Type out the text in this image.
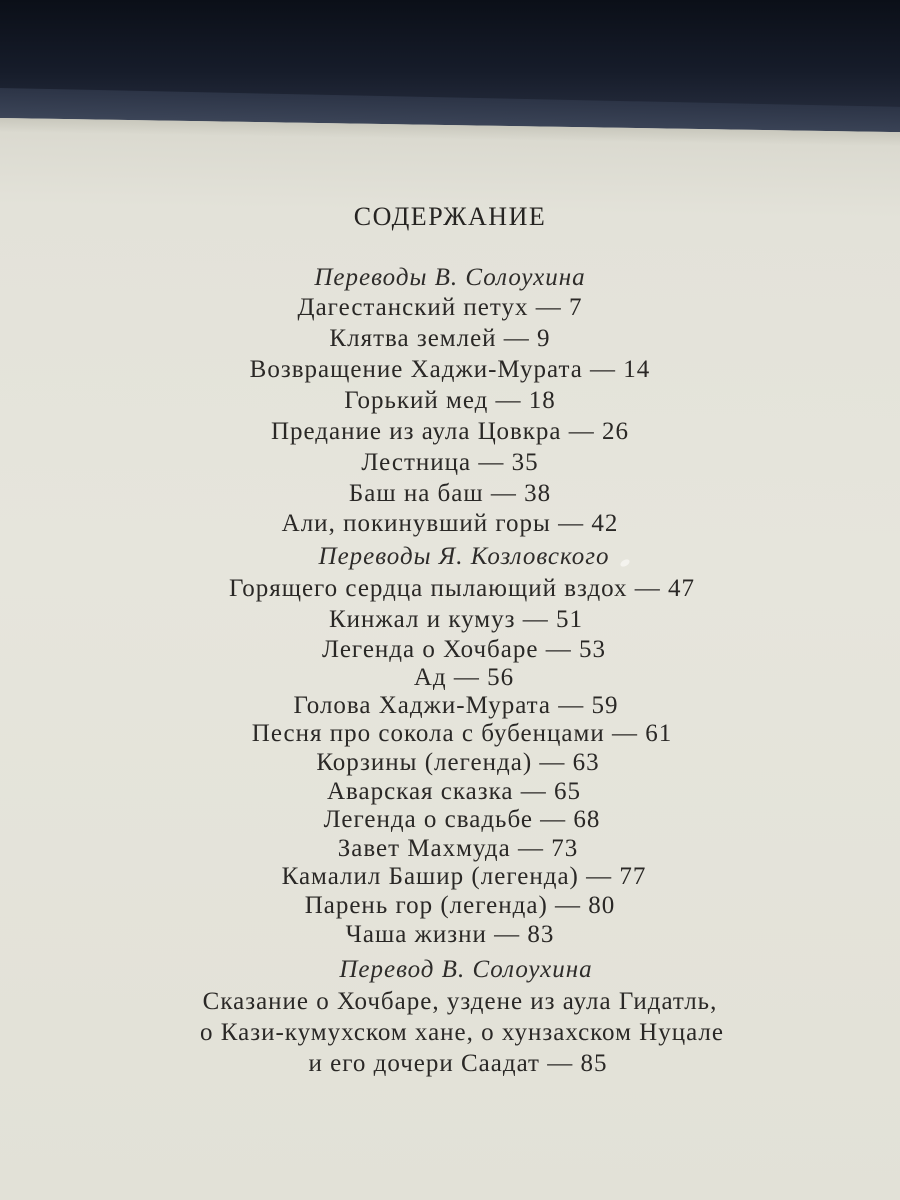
СОДЕРЖАНИЕ
Переводы В. Солоухина
Дагестанский петух — 7
Клятва землей — 9
Возвращение Хаджи-Мурата — 14
Горький мед — 18
Предание из аула Цовкра — 26
Лестница — 35
Баш на баш — 38
Али, покинувший горы — 42
Переводы Я. Козловского
Горящего сердца пылающий вздох — 47
Кинжал и кумуз — 51
Легенда о Хочбаре — 53
Ад — 56
Голова Хаджи-Мурата — 59
Песня про сокола с бубенцами — 61
Корзины (легенда) — 63
Аварская сказка — 65
Легенда о свадьбе — 68
Завет Махмуда — 73
Камалил Башир (легенда) — 77
Парень гор (легенда) — 80
Чаша жизни — 83
Перевод В. Солоухина
Сказание о Хочбаре, уздене из аула Гидатль,
о Кази-кумухском хане, о хунзахском Нуцале
и его дочери Саадат — 85
